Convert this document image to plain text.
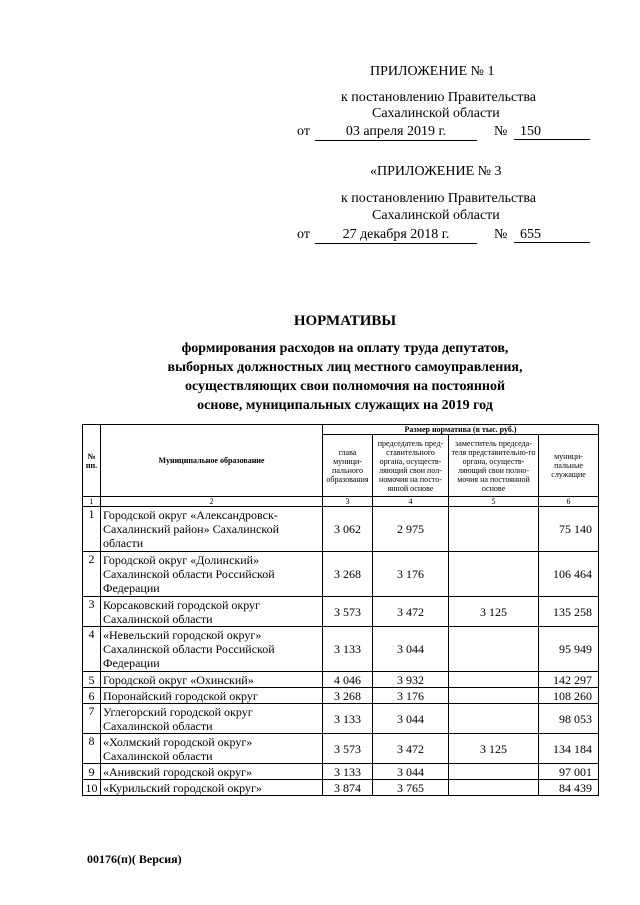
ПРИЛОЖЕНИЕ № 1
к постановлению Правительства
Сахалинской области
от	03 апреля 2019 г.	№ 150
«ПРИЛОЖЕНИЕ № 3
к постановлению Правительства
Сахалинской области
от	27 декабря 2018 г.	№ 655
НОРМАТИВЫ
формирования расходов на оплату труда депутатов,
выборных должностных лиц местного самоуправления,
осуществляющих свои полномочия на постоянной
основе, муниципальных служащих на 2019 год
№ пп.	Муниципальное образование	Размер норматива (в тыс. руб.)			
		глава муници-пального образования	председатель пред-ставительного органа, осуществ-ляющий свои пол-номочия на посто-янной основе	заместитель председа-теля представительно-го органа, осуществ-ляющий свои полно-мочия на постоянной основе	муници-пальные служащие
1	2	3	4	5	6
1	Городской округ «Александровск-Сахалинский район» Сахалинской области	3 062	2 975		75 140
2	Городской округ «Долинский» Сахалинской области Российской Федерации	3 268	3 176		106 464
3	Корсаковский городской округ Сахалинской области	3 573	3 472	3 125	135 258
4	«Невельский городской округ» Сахалинской области Российской Федерации	3 133	3 044		95 949
5	Городской округ «Охинский»	4 046	3 932		142 297
6	Поронайский городской округ	3 268	3 176		108 260
7	Углегорский городской округ Сахалинской области	3 133	3 044		98 053
8	«Холмский городской округ» Сахалинской области	3 573	3 472	3 125	134 184
9	«Анивский городской округ»	3 133	3 044		97 001
10	«Курильский городской округ»	3 874	3 765		84 439
00176(п)( Версия)
